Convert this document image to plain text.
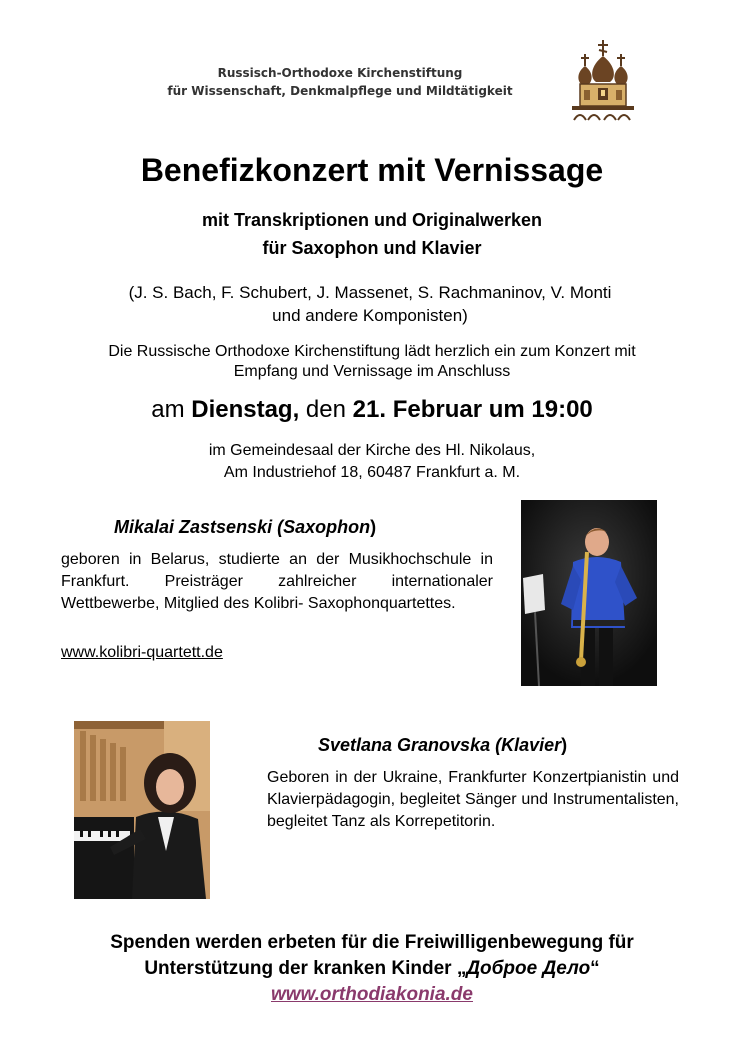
Russisch-Orthodoxe Kirchenstiftung
für Wissenschaft, Denkmalpflege und Mildtätigkeit
Benefizkonzert mit Vernissage
mit Transkriptionen und Originalwerken
für Saxophon und Klavier
(J. S. Bach, F. Schubert, J. Massenet, S. Rachmaninov, V. Monti
und andere Komponisten)
Die Russische Orthodoxe Kirchenstiftung lädt herzlich ein zum Konzert mit
Empfang und Vernissage im Anschluss
am Dienstag, den 21. Februar um 19:00
im Gemeindesaal der Kirche des Hl. Nikolaus,
Am Industriehof 18, 60487 Frankfurt a. M.
Mikalai Zastsenski (Saxophon)
geboren in Belarus, studierte an der Musikhochschule in Frankfurt. Preisträger zahlreicher internationaler Wettbewerbe, Mitglied des Kolibri- Saxophonquartettes.
www.kolibri-quartett.de
Svetlana Granovska (Klavier)
Geboren in der Ukraine, Frankfurter Konzertpianistin und Klavierpädagogin, begleitet Sänger und Instrumentalisten, begleitet Tanz als Korrepetitorin.
Spenden werden erbeten für die Freiwilligenbewegung für
Unterstützung der kranken Kinder „Доброе Дело“
www.orthodiakonia.de
